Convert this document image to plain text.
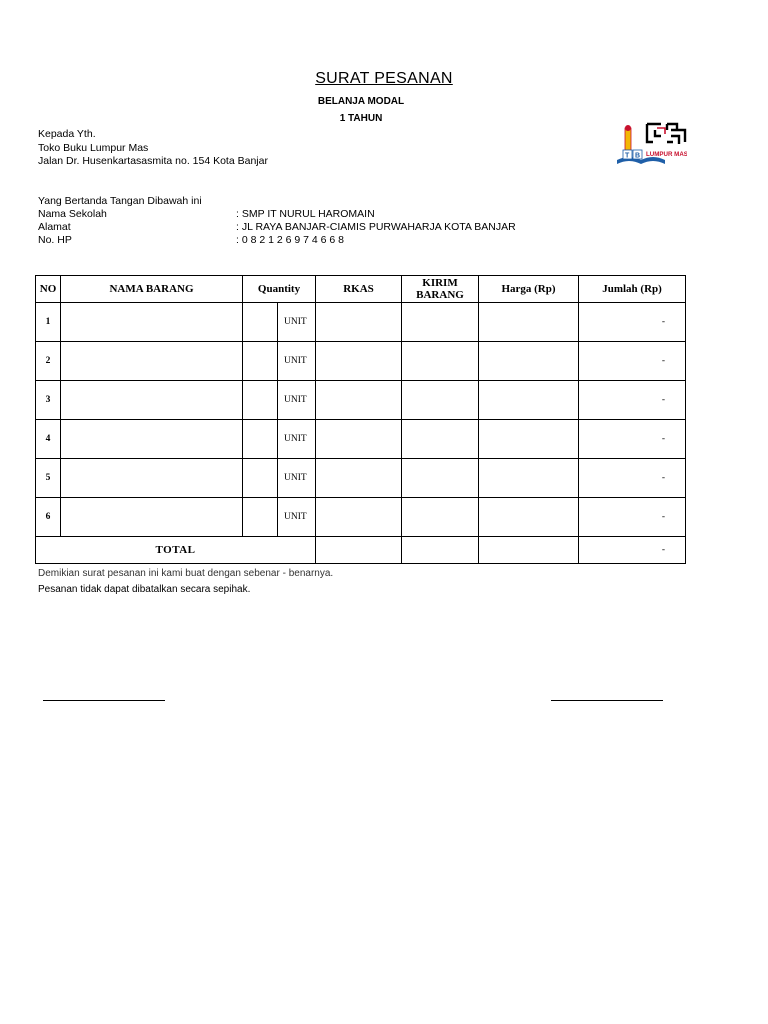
SURAT PESANAN
BELANJA MODAL
1 TAHUN
Kepada Yth.
Toko Buku Lumpur Mas
Jalan Dr. Husenkartasasmita no. 154 Kota Banjar	T B LUMPUR MAS
Yang Bertanda Tangan Dibawah ini
Nama Sekolah	: SMP IT NURUL HAROMAIN
Alamat	: JL RAYA BANJAR-CIAMIS PURWAHARJA KOTA BANJAR
No. HP	: 0 8 2 1 2 6 9 7 4 6 6 8
NO	NAMA BARANG	Quantity		RKAS	KIRIM BARANG	Harga (Rp)	Jumlah (Rp)
1			UNIT				-
2			UNIT				-
3			UNIT				-
4			UNIT				-
5			UNIT				-
6			UNIT				-
TOTAL							-
Demikian surat pesanan ini kami buat dengan sebenar - benarnya.
Pesanan tidak dapat dibatalkan secara sepihak.
